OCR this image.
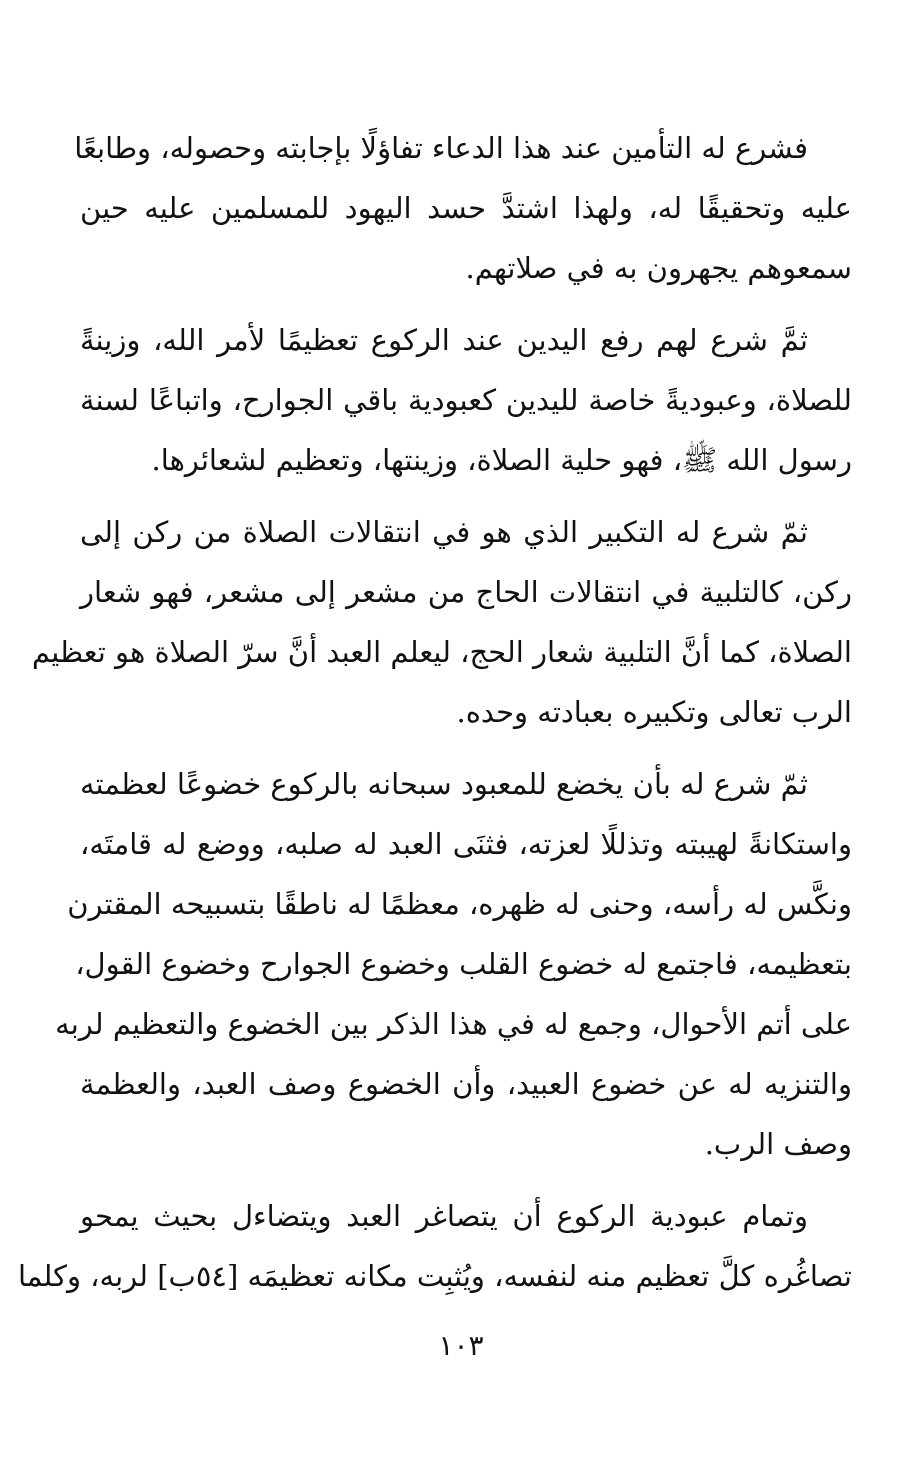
فشرع له التأمين عند هذا الدعاء تفاؤلًا بإجابته وحصوله، وطابعًا
عليه وتحقيقًا له، ولهذا اشتدَّ حسد اليهود للمسلمين عليه حين
سمعوهم يجهرون به في صلاتهم.
ثمَّ شرع لهم رفع اليدين عند الركوع تعظيمًا لأمر الله، وزينةً
للصلاة، وعبوديةً خاصة لليدين كعبودية باقي الجوارح، واتباعًا لسنة
رسول الله ﷺ، فهو حلية الصلاة، وزينتها، وتعظيم لشعائرها.
ثمّ شرع له التكبير الذي هو في انتقالات الصلاة من ركن إلى
ركن، كالتلبية في انتقالات الحاج من مشعر إلى مشعر، فهو شعار
الصلاة، كما أنَّ التلبية شعار الحج، ليعلم العبد أنَّ سرّ الصلاة هو تعظيم
الرب تعالى وتكبيره بعبادته وحده.
ثمّ شرع له بأن يخضع للمعبود سبحانه بالركوع خضوعًا لعظمته
واستكانةً لهيبته وتذللًا لعزته، فثنَى العبد له صلبه، ووضع له قامتَه،
ونكَّس له رأسه، وحنى له ظهره، معظمًا له ناطقًا بتسبيحه المقترن
بتعظيمه، فاجتمع له خضوع القلب وخضوع الجوارح وخضوع القول،
على أتم الأحوال، وجمع له في هذا الذكر بين الخضوع والتعظيم لربه
والتنزيه له عن خضوع العبيد، وأن الخضوع وصف العبد، والعظمة
وصف الرب.
وتمام عبودية الركوع أن يتصاغر العبد ويتضاءل بحيث يمحو
تصاغُره كلَّ تعظيم منه لنفسه، ويُثبِت مكانه تعظيمَه [٥٤ب] لربه، وكلما
١٠٣
